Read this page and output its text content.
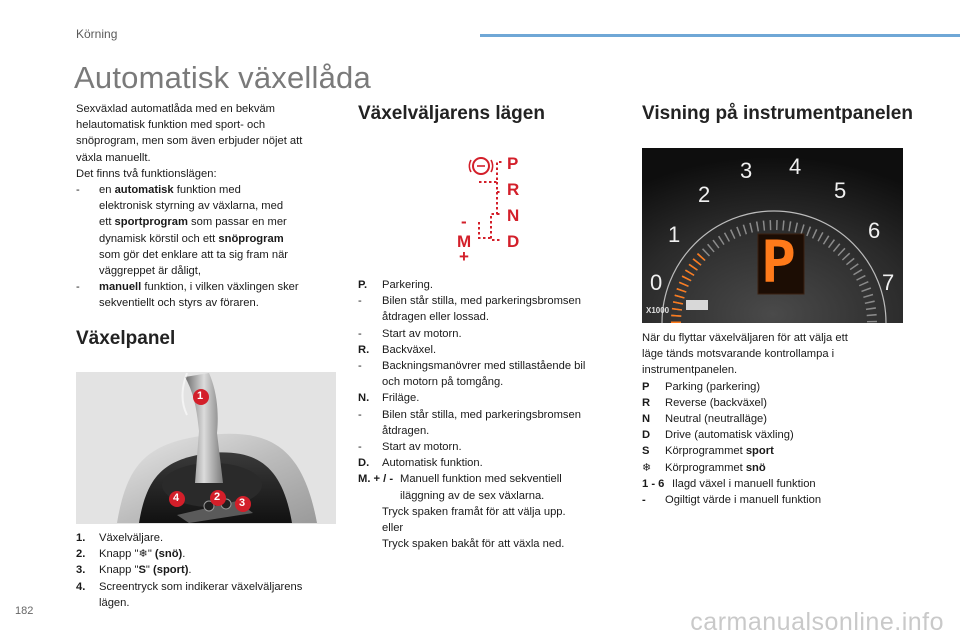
Körning
Automatisk växellåda

Sexväxlad automatlåda med en bekväm

helautomatisk funktion med sport- och

snöprogram, men som även erbjuder nöjet att

växla manuellt.

Det finns två funktionslägen:

-	en automatisk funktion med

elektronisk styrning av växlarna, med

ett sportprogram som passar en mer

dynamisk körstil och ett snöprogram

som gör det enklare att ta sig fram när

väggreppet är dåligt,

-	manuell funktion, i vilken växlingen sker

sekventiellt och styrs av föraren.

Växelpanel
1
2 3
4
1.	Växelväljare.
2.	Knapp "❄" (snö).
3.	Knapp "S" (sport).
4.	Screentryck som indikerar växelväljarens
lägen.
Växelväljarens lägen
P
R
N
D
-
M
+
P.	Parkering.
-	Bilen står stilla, med parkeringsbromsen
åtdragen eller lossad.
-	Start av motorn.
R.	Backväxel.
-	Backningsmanövrer med stillastående bil
och motorn på tomgång.
N.	Friläge.
-	Bilen står stilla, med parkeringsbromsen
åtdragen.
-	Start av motorn.
D.	Automatisk funktion.
M. + / - Manuell funktion med sekventiell
iläggning av de sex växlarna.
Tryck spaken framåt för att välja upp.
eller
Tryck spaken bakåt för att växla ned.
Visning på instrumentpanelen
0
1
2
3 4
5
6
7
P
X1000

När du flyttar växelväljaren för att välja ett

läge tänds motsvarande kontrollampa i

instrumentpanelen.

P	Parking (parkering)
R	Reverse (backväxel)
N	Neutral (neutralläge)
D	Drive (automatisk växling)
S	Körprogrammet sport
❄	Körprogrammet snö
1 - 6 Ilagd växel i manuell funktion
-	Ogiltigt värde i manuell funktion
182	carmanualsonline.info
